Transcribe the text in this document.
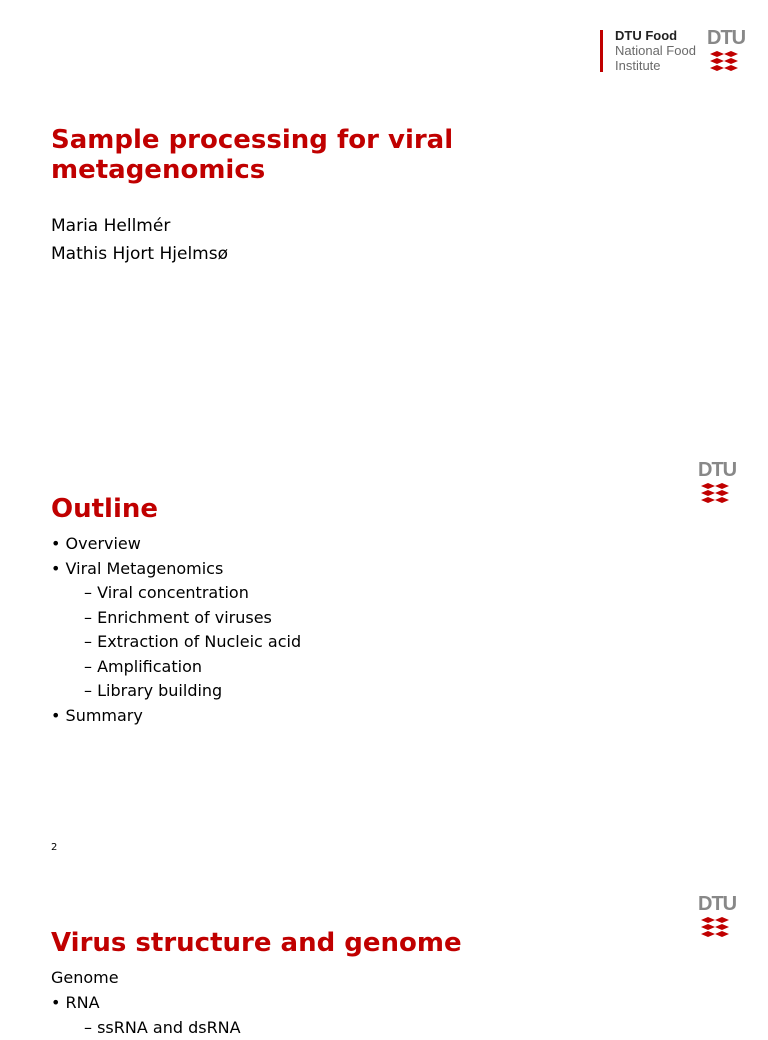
DTU Food
National Food
Institute
DTU
Sample processing for viral
metagenomics
Maria Hellmér
Mathis Hjort Hjelmsø
DTU
Outline
• Overview
• Viral Metagenomics
– Viral concentration
– Enrichment of viruses
– Extraction of Nucleic acid
– Amplification
– Library building
• Summary
2
DTU
Virus structure and genome
Genome
• RNA
– ssRNA and dsRNA
